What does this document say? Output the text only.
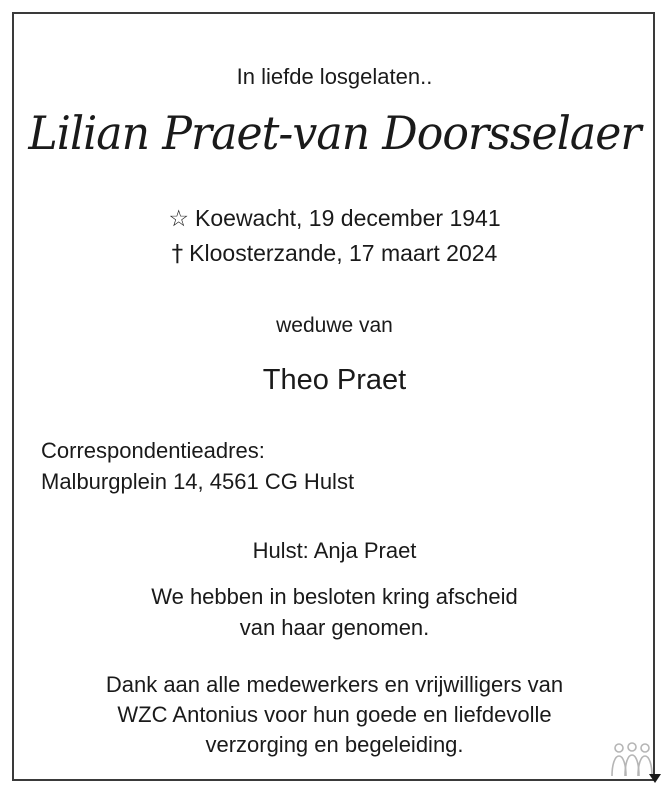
In liefde losgelaten..

Lilian Praet-van Doorsselaer

☆ Koewacht, 19 december 1941

† Kloosterzande, 17 maart 2024

weduwe van

Theo Praet

Correspondentieadres:

Malburgplein 14, 4561 CG Hulst

Hulst: Anja Praet

We hebben in besloten kring afscheid

van haar genomen.

Dank aan alle medewerkers en vrijwilligers van

WZC Antonius voor hun goede en liefdevolle

verzorging en begeleiding.
